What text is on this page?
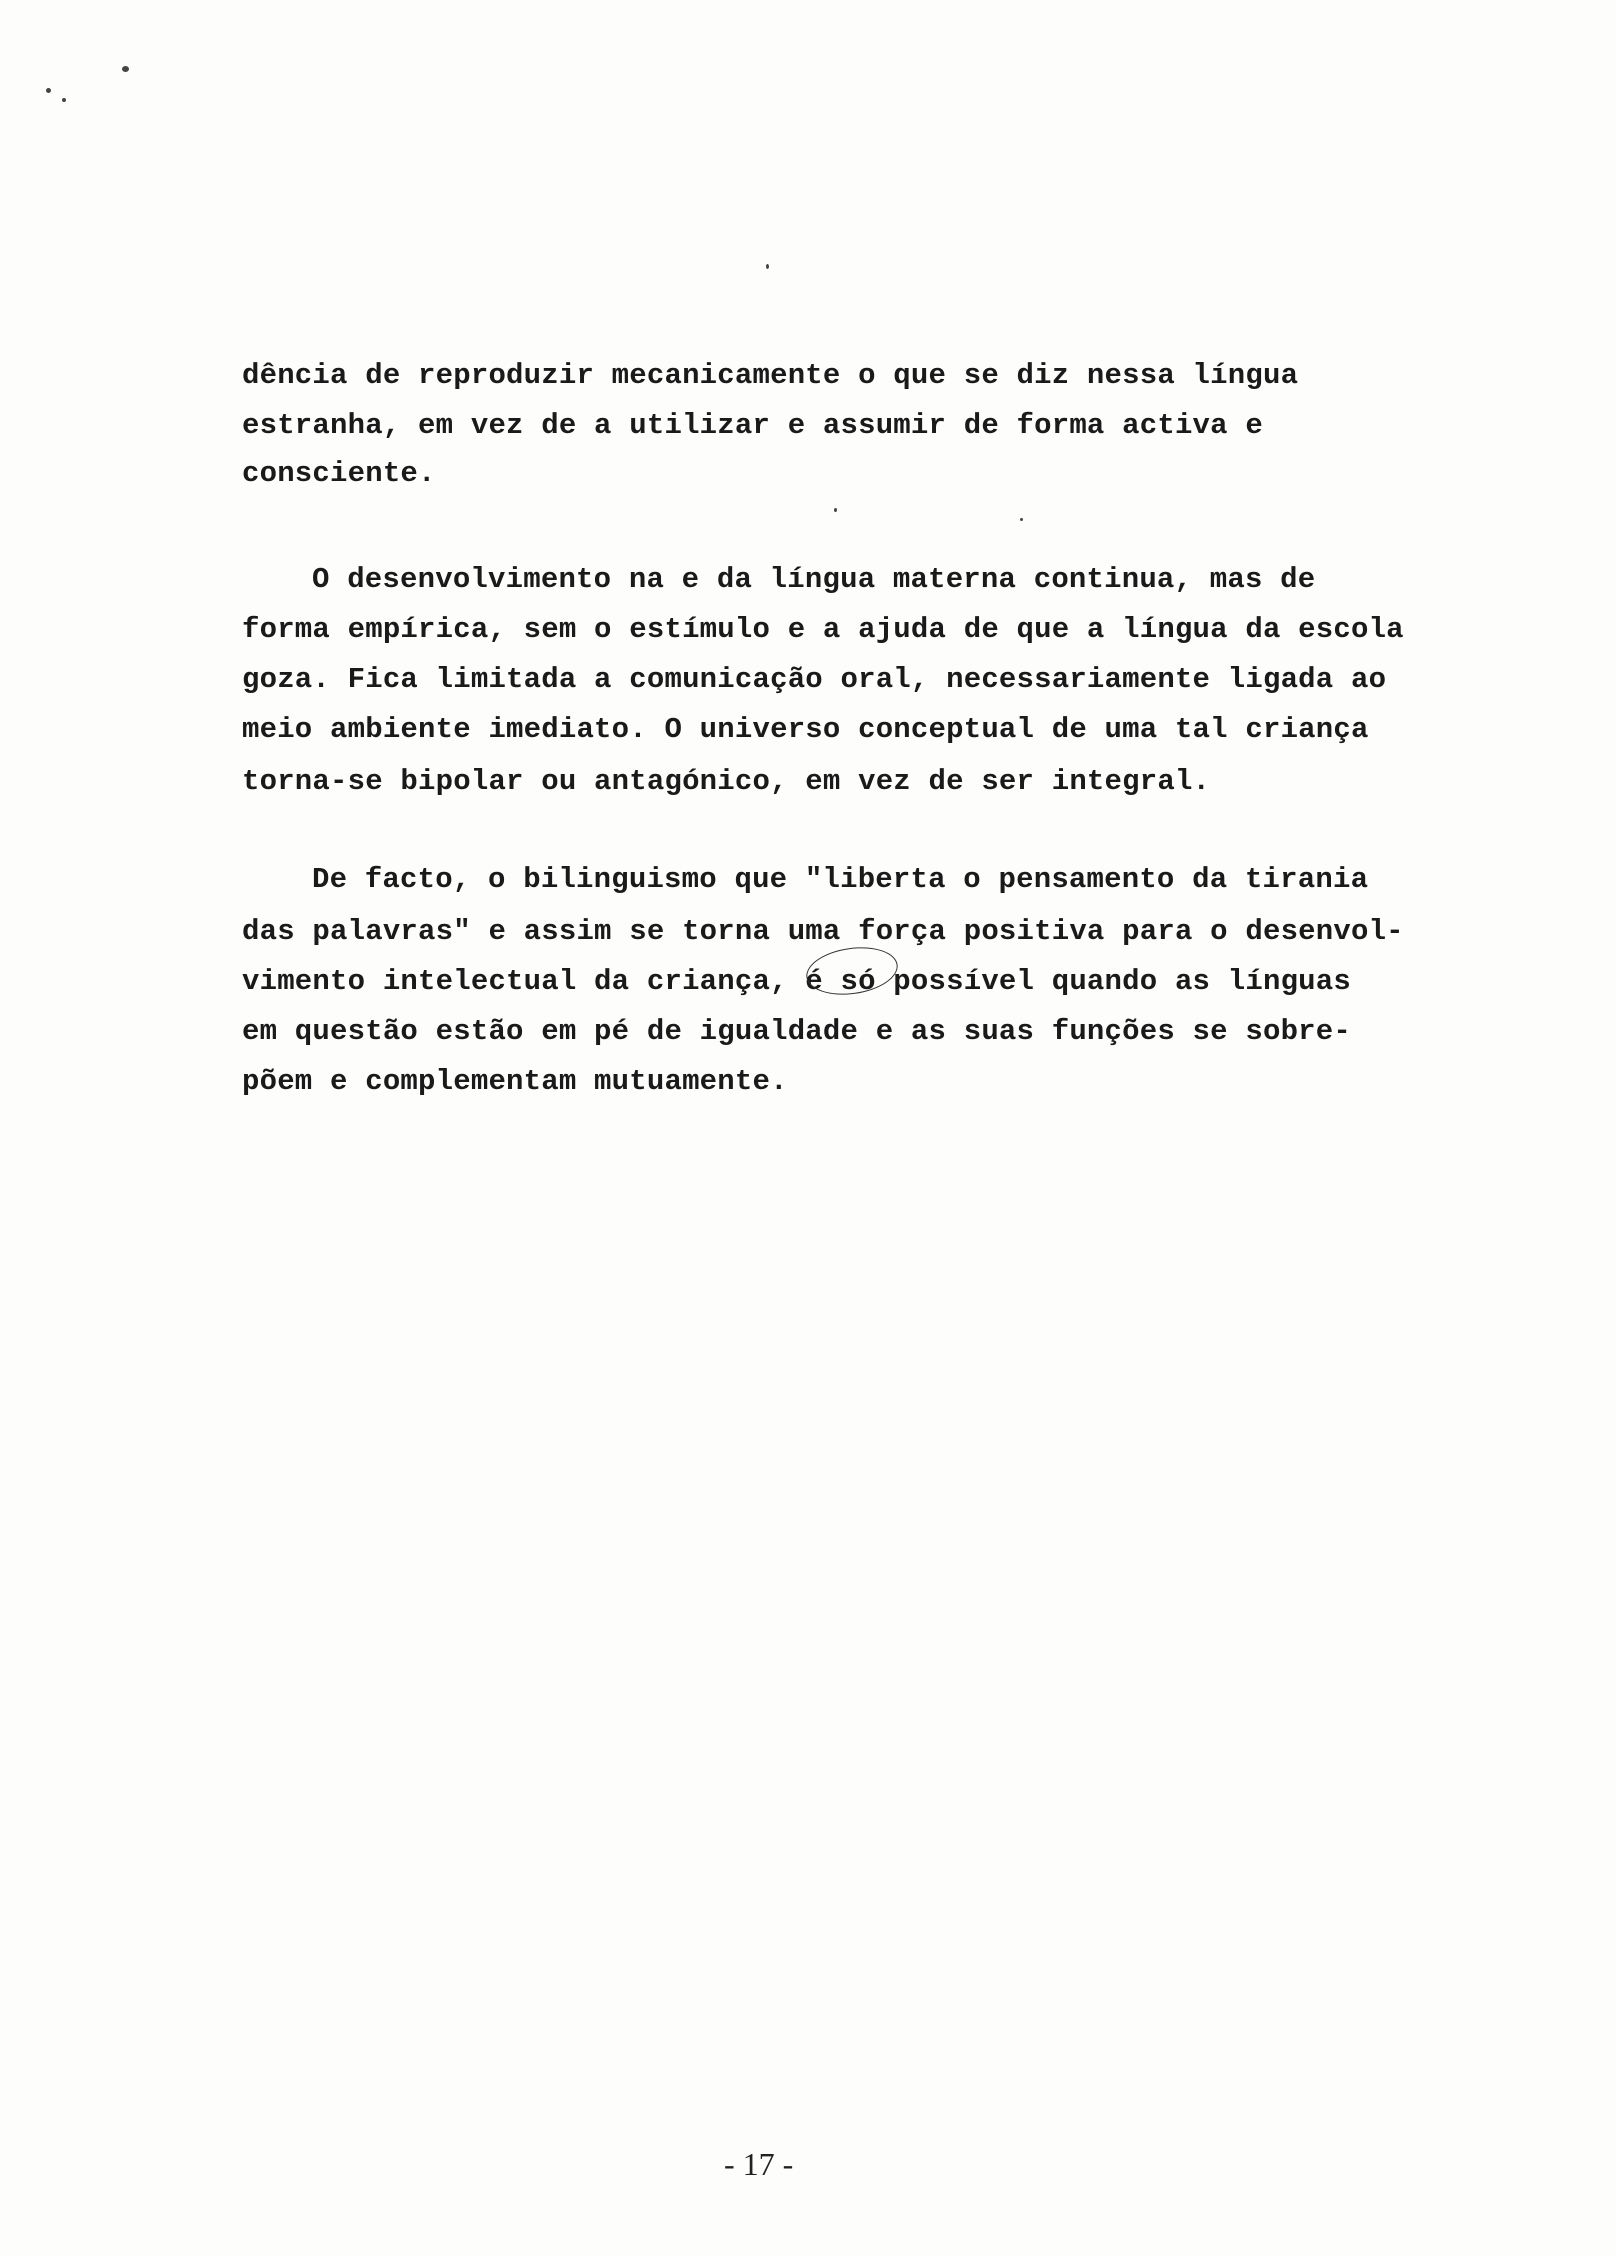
dência de reproduzir mecanicamente o que se diz nessa língua
estranha, em vez de a utilizar e assumir de forma activa e
consciente.
O desenvolvimento na e da língua materna continua, mas de
forma empírica, sem o estímulo e a ajuda de que a língua da escola
goza. Fica limitada a comunicação oral, necessariamente ligada ao
meio ambiente imediato. O universo conceptual de uma tal criança
torna-se bipolar ou antagónico, em vez de ser integral.
De facto, o bilinguismo que "liberta o pensamento da tirania
das palavras" e assim se torna uma força positiva para o desenvol-
vimento intelectual da criança, é só possível quando as línguas
em questão estão em pé de igualdade e as suas funções se sobre-
põem e complementam mutuamente.
- 17 -
